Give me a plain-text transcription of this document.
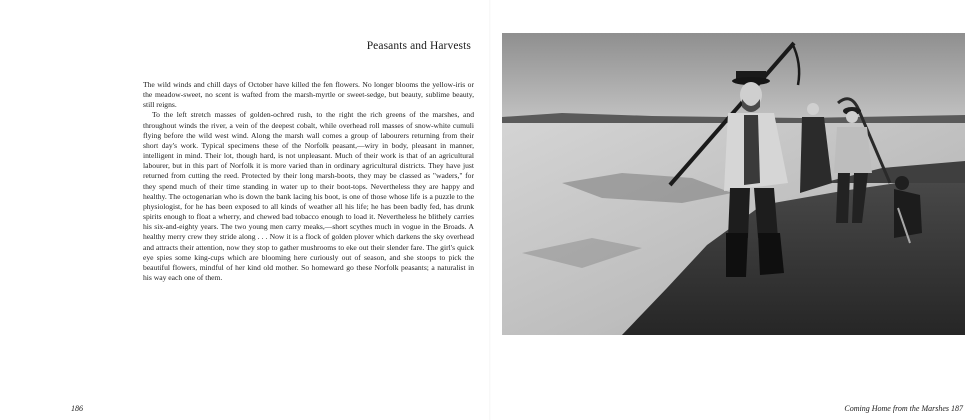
Peasants and Harvests

The wild winds and chill days of October have killed the fen flowers. No longer blooms the yellow-iris or the meadow-sweet, no scent is wafted from the marsh-myrtle or sweet-sedge, but beauty, sublime beauty, still reigns.

To the left stretch masses of golden-ochred rush, to the right the rich greens of the marshes, and throughout winds the river, a vein of the deepest cobalt, while overhead roll masses of snow-white cumuli flying before the wild west wind. Along the marsh wall comes a group of labourers returning from their short day's work. Typical specimens these of the Norfolk peasant,—wiry in body, pleasant in manner, intelligent in mind. Their lot, though hard, is not unpleasant. Much of their work is that of an agricultural labourer, but in this part of Norfolk it is more varied than in ordinary agricultural districts. They have just returned from cutting the reed. Protected by their long marsh-boots, they may be classed as "waders," for they spend much of their time standing in water up to their boot-tops. Nevertheless they are happy and healthy. The octogenarian who is down the bank lacing his boot, is one of those whose life is a puzzle to the physiologist, for he has been exposed to all kinds of weather all his life; he has been badly fed, has drunk spirits enough to float a wherry, and chewed bad tobacco enough to load it. Nevertheless he blithely carries his six-and-eighty years. The two young men carry meaks,—short scythes much in vogue in the Broads. A healthy merry crew they stride along . . . Now it is a flock of golden plover which darkens the sky overhead and attracts their attention, now they stop to gather mushrooms to eke out their slender fare. The girl's quick eye spies some king-cups which are blooming here curiously out of season, and she stoops to pick the beautiful flowers, mindful of her kind old mother. So homeward go these Norfolk peasants; a naturalist in his way each one of them.

186	Coming Home from the Marshes 187
